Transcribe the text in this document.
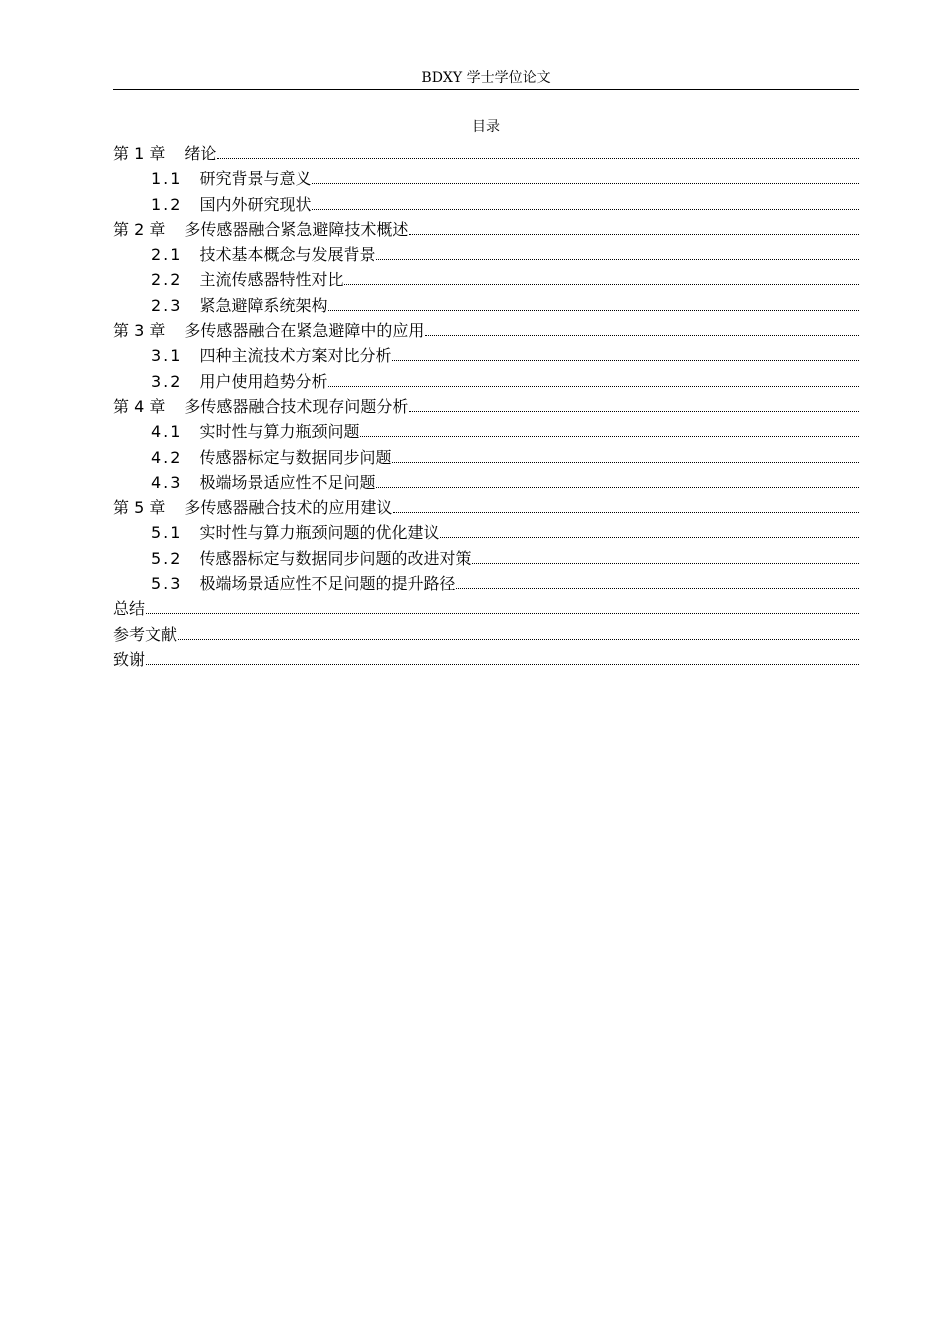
BDXY 学士学位论文
目录
第 1 章 绪论
1.1 研究背景与意义
1.2 国内外研究现状
第 2 章 多传感器融合紧急避障技术概述
2.1 技术基本概念与发展背景
2.2 主流传感器特性对比
2.3 紧急避障系统架构
第 3 章 多传感器融合在紧急避障中的应用
3.1 四种主流技术方案对比分析
3.2 用户使用趋势分析
第 4 章 多传感器融合技术现存问题分析
4.1 实时性与算力瓶颈问题
4.2 传感器标定与数据同步问题
4.3 极端场景适应性不足问题
第 5 章 多传感器融合技术的应用建议
5.1 实时性与算力瓶颈问题的优化建议
5.2 传感器标定与数据同步问题的改进对策
5.3 极端场景适应性不足问题的提升路径
总结
参考文献
致谢
